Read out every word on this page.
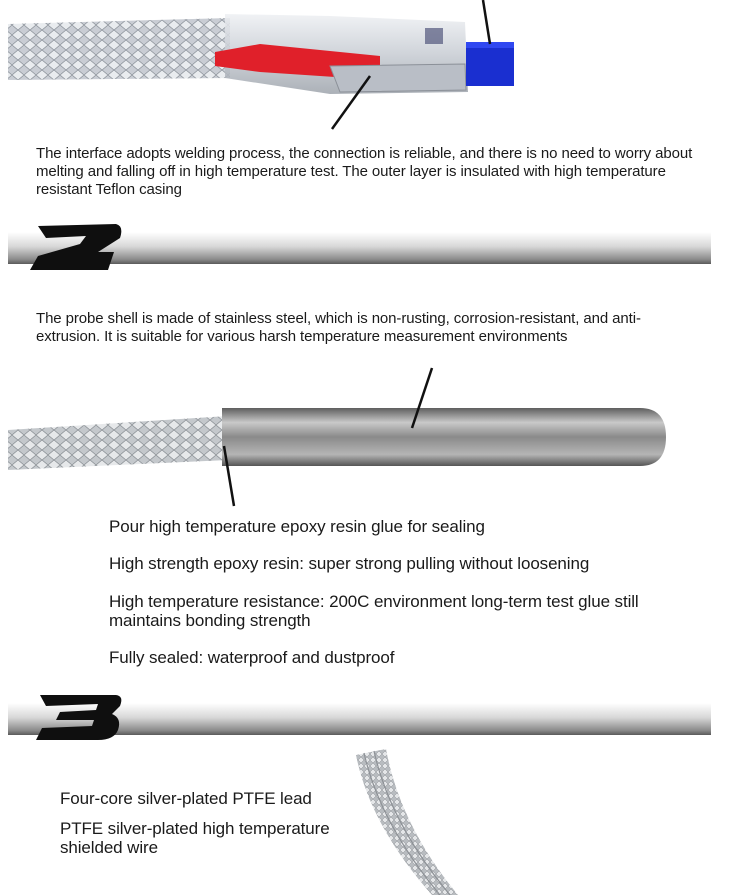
The interface adopts welding process, the connection is reliable, and there is no need to worry about melting and falling off in high temperature test. The outer layer is insulated with high temperature resistant Teflon casing

The probe shell is made of stainless steel, which is non-rusting, corrosion-resistant, and anti-extrusion. It is suitable for various harsh temperature measurement environments

Pour high temperature epoxy resin glue for sealing

High strength epoxy resin: super strong pulling without loosening

High temperature resistance: 200C environment long-term test glue still maintains bonding strength

Fully sealed: waterproof and dustproof

Four-core silver-plated PTFE lead

PTFE silver-plated high temperature shielded wire
